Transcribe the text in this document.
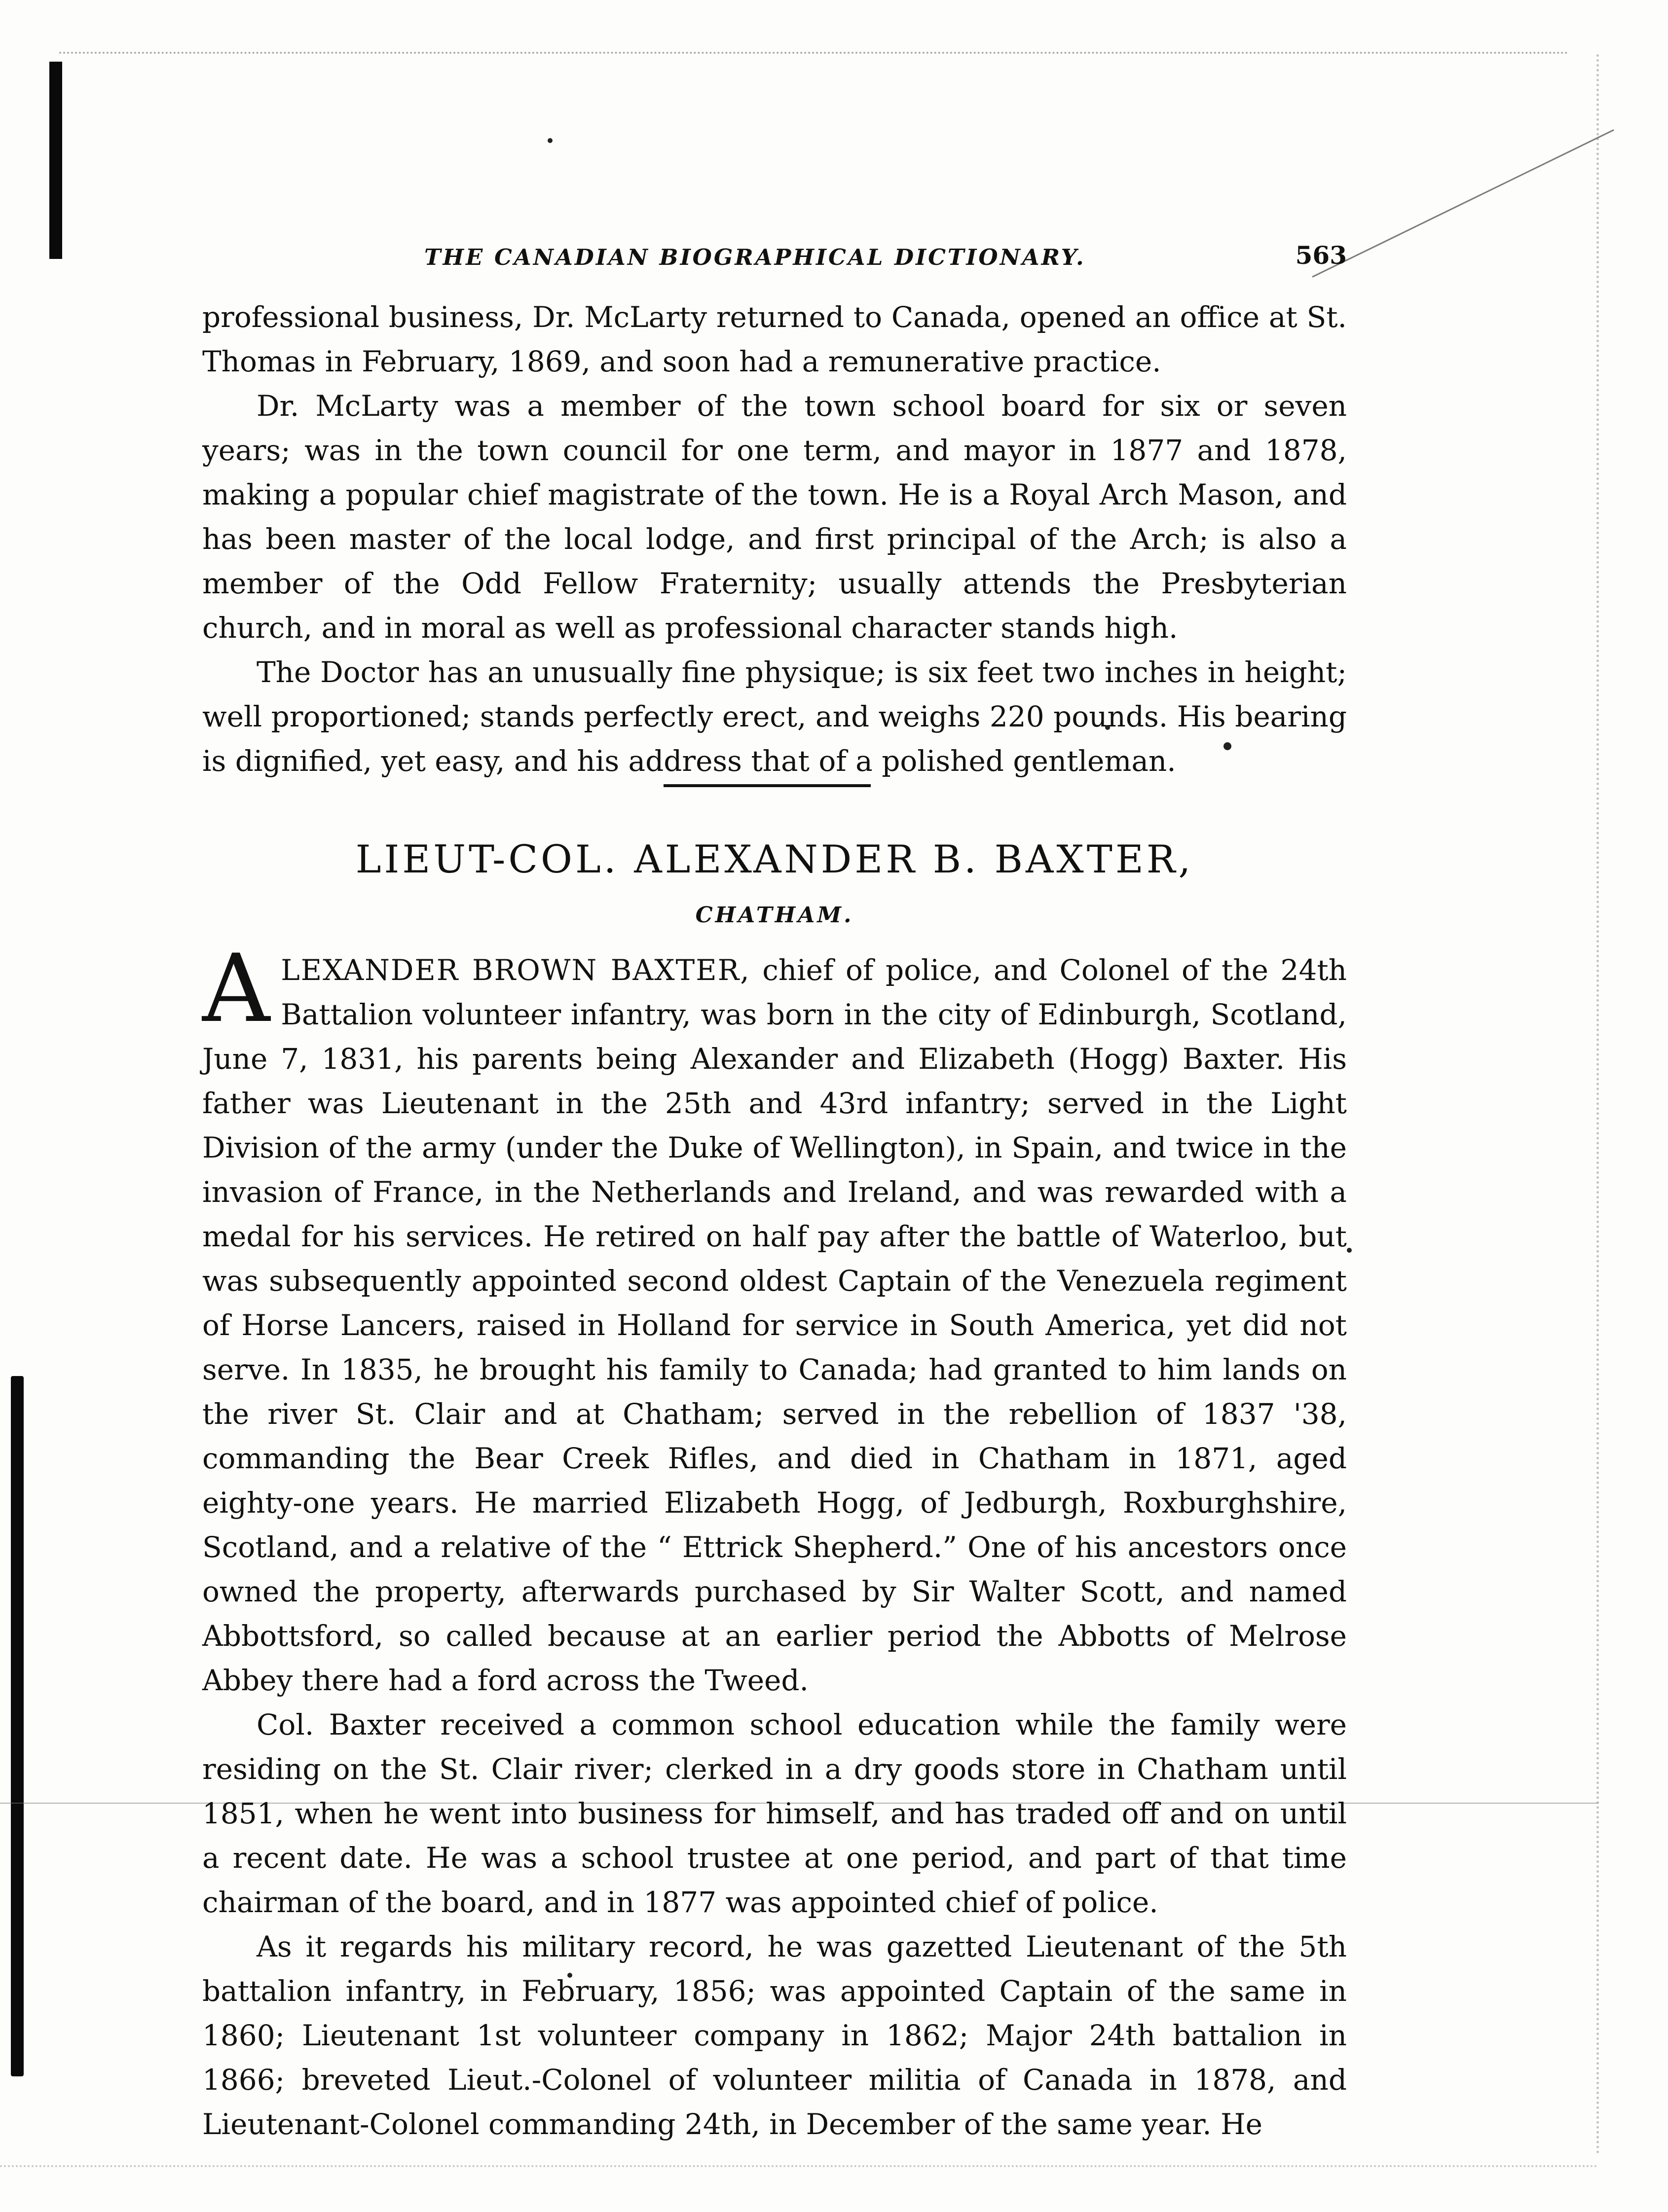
THE CANADIAN BIOGRAPHICAL DICTIONARY.	563

professional business, Dr. McLarty returned to Canada, opened an office at St. Thomas in February, 1869, and soon had a remunerative practice.

Dr. McLarty was a member of the town school board for six or seven years; was in the town council for one term, and mayor in 1877 and 1878, making a popular chief magistrate of the town. He is a Royal Arch Mason, and has been master of the local lodge, and first principal of the Arch; is also a member of the Odd Fellow Fraternity; usually attends the Presbyterian church, and in moral as well as professional character stands high.

The Doctor has an unusually fine physique; is six feet two inches in height; well proportioned; stands perfectly erect, and weighs 220 pounds. His bearing is dignified, yet easy, and his address that of a polished gentleman.

LIEUT-COL. ALEXANDER B. BAXTER,
CHATHAM.

ALEXANDER BROWN BAXTER, chief of police, and Colonel of the 24th Battalion volunteer infantry, was born in the city of Edinburgh, Scotland, June 7, 1831, his parents being Alexander and Elizabeth (Hogg) Baxter. His father was Lieutenant in the 25th and 43rd infantry; served in the Light Division of the army (under the Duke of Wellington), in Spain, and twice in the invasion of France, in the Netherlands and Ireland, and was rewarded with a medal for his services. He retired on half pay after the battle of Waterloo, but was subsequently appointed second oldest Captain of the Venezuela regiment of Horse Lancers, raised in Holland for service in South America, yet did not serve. In 1835, he brought his family to Canada; had granted to him lands on the river St. Clair and at Chatham; served in the rebellion of 1837 '38, commanding the Bear Creek Rifles, and died in Chatham in 1871, aged eighty-one years. He married Elizabeth Hogg, of Jedburgh, Roxburghshire, Scotland, and a relative of the “ Ettrick Shepherd.” One of his ancestors once owned the property, afterwards purchased by Sir Walter Scott, and named Abbottsford, so called because at an earlier period the Abbotts of Melrose Abbey there had a ford across the Tweed.

Col. Baxter received a common school education while the family were residing on the St. Clair river; clerked in a dry goods store in Chatham until 1851, when he went into business for himself, and has traded off and on until a recent date. He was a school trustee at one period, and part of that time chairman of the board, and in 1877 was appointed chief of police.

As it regards his military record, he was gazetted Lieutenant of the 5th battalion infantry, in February, 1856; was appointed Captain of the same in 1860; Lieutenant 1st volunteer company in 1862; Major 24th battalion in 1866; breveted Lieut.-Colonel of volunteer militia of Canada in 1878, and Lieutenant-Colonel commanding 24th, in December of the same year. He
